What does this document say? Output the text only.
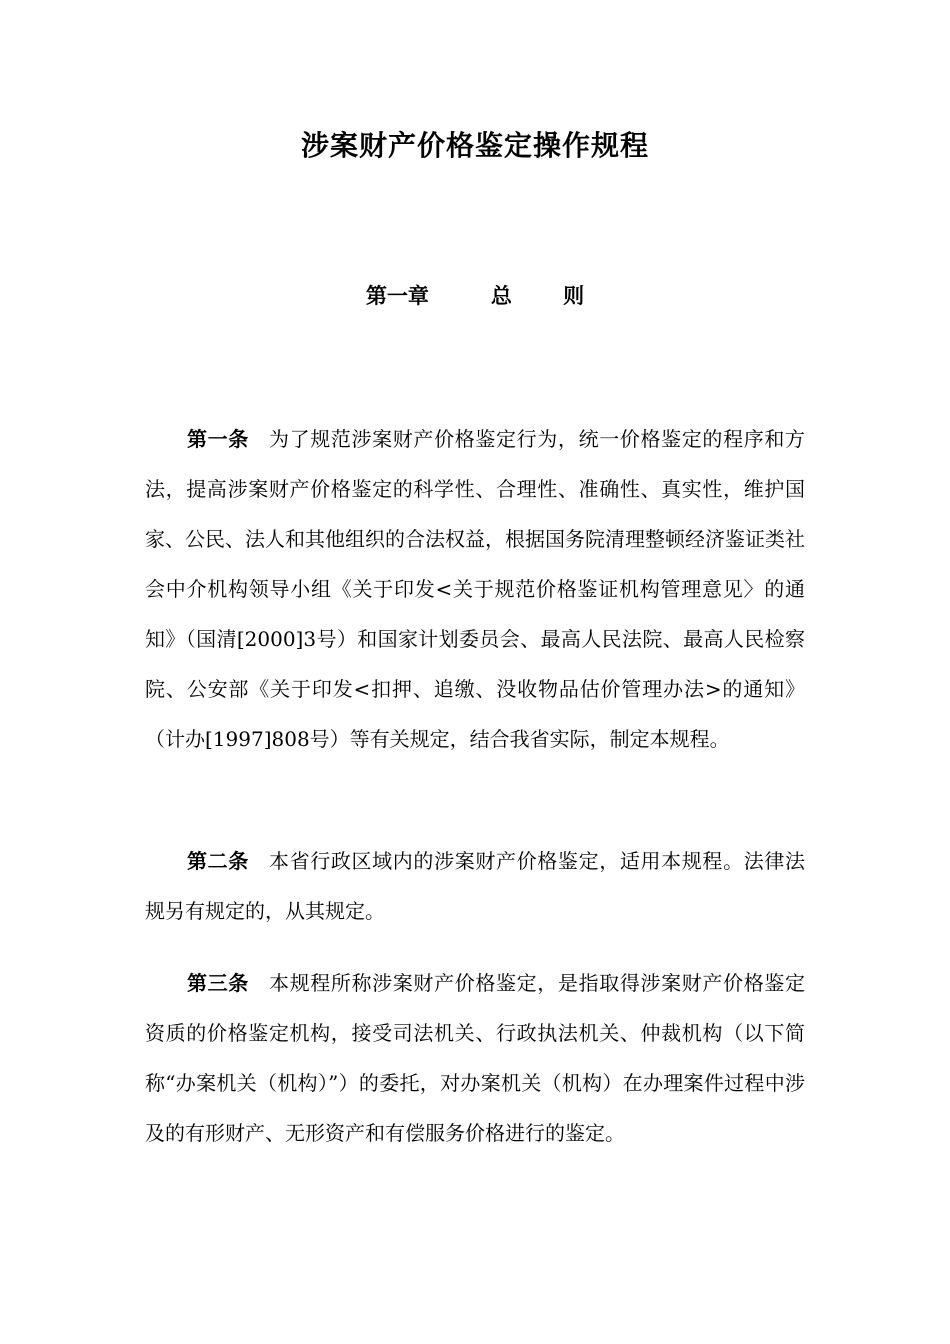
涉案财产价格鉴定操作规程
第一章	总 则
第一条 为了规范涉案财产价格鉴定行为，统一价格鉴定的程序和方法，提高涉案财产价格鉴定的科学性、合理性、准确性、真实性，维护国家、公民、法人和其他组织的合法权益，根据国务院清理整顿经济鉴证类社会中介机构领导小组《关于印发<关于规范价格鉴证机构管理意见〉的通知》（国清[2000]3号）和国家计划委员会、最高人民法院、最高人民检察院、公安部《关于印发<扣押、追缴、没收物品估价管理办法>的通知》（计办[1997]808号）等有关规定，结合我省实际，制定本规程。
第二条 本省行政区域内的涉案财产价格鉴定，适用本规程。法律法规另有规定的，从其规定。
第三条 本规程所称涉案财产价格鉴定，是指取得涉案财产价格鉴定资质的价格鉴定机构，接受司法机关、行政执法机关、仲裁机构（以下简称“办案机关（机构）”）的委托，对办案机关（机构）在办理案件过程中涉及的有形财产、无形资产和有偿服务价格进行的鉴定。
